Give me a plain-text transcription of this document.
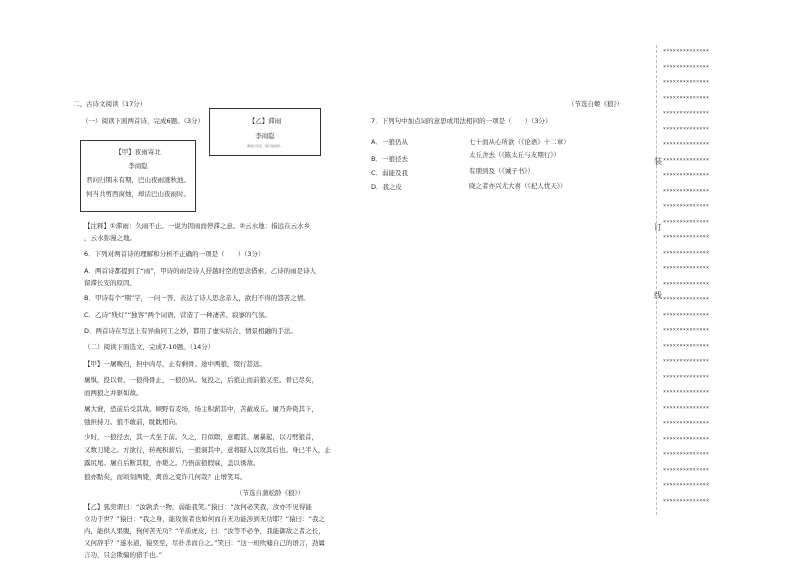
二、古诗文阅读（17分）	（节选自姬《狼》）
（一）阅读下面两首诗，完成6题。（3分）	【乙】滞雨
李商隐
滞雨长安夜，残灯独客愁。
【甲】夜雨寄北
李商隐
君问归期未有期，巴山夜雨涨秋池。
何当共剪西窗烛，却话巴山夜雨时。
【注释】①滞雨：久雨不止。一说为因雨而停滞之意。②云水地：指远在云水乡
，云水弥漫之地。
6．下列对两首诗的理解和分析不正确的一项是（　　）（3分）
A．两首诗都提到了“雨”，甲诗的雨是诗人抒越时空的思念借索，乙诗的雨是诗人
留滞长安的原因。
B．甲诗有个“期”字，一问一答，表达了诗人思念亲人，欲归不得的怨苦之情。
C．乙诗“残灯”“独客”两个词语，营造了一种凄苦、寂寥的气氛。
D．两首诗在写法上有异曲同工之妙，都用了虚实结合、情景相融的手法。
（二）阅读下面选文，完成7-10题。（14分）
【甲】一屠晚归，担中肉尽，止有剩骨。途中两狼，缀行甚远。
屠惧，投以骨。一狼得骨止，一狼仍从。复投之，后狼止而前狼又至。骨已尽矣，
而两狼之并驱如故。
屠大窘，恐前后受其敌。顾野有麦场，场主积薪其中，苫蔽成丘。屠乃奔倚其下，
弛担持刀。狼不敢前，眈眈相向。
少时，一狼径去，其一犬坐于前。久之，目似瞑，意暇甚。屠暴起，以刀劈狼首，
又数刀毙之。方欲行，转视积薪后，一狼洞其中，意将隧入以攻其后也。身已半入，止
露尻尾。屠自后断其股，亦毙之。乃悟前狼假寐，盖以诱敌。
狼亦黠矣，而顷刻两毙，禽兽之变诈几何哉？止增笑耳。
（节选自蒲松龄《狼》）
【乙】狐奕谓曰：“汝孰杀一物，弱能我笑。”猿曰：“汝何必笑我，汝亦不见得能
立功于世？”猿曰：“我之身，能攻彼者也如何而自无功能涉到无功耶？”猿曰：“我之
内，能供人果腹，狗何苦无功？”羊质虎皮，曰：“汝等不必争，我能御敌之者之长，
又何辞乎？”遂水道，猿奕至，尽扑杀而自之。”笑曰：“这一班吹嘘自己的语言，劲属
言功，只会欺骗的猎手也。”
7．下列句中加点词的意思或用法相同的一项是（　　）（3分）
A．一狼仍从	七十而从心所欲（《论语》十二章）
B．一狼径去	太丘舍去（《陈太丘与友期行》）
C．弱能及我	有朋到及（《诫子书》）
D．我之皮	晓之者亦兴尤大喜（《杞人忧天》）
装
订
线
××××××××××××××
××××××××××××××
××××××××××××××
××××××××××××××
××××××××××××××
××××××××××××××
××××××××××××××
××××××××××××××
××××××××××××××
××××××××××××××
××××××××××××××
××××××××××××××
××××××××××××××
××××××××××××××
××××××××××××××
××××××××××××××
××××××××××××××
××××××××××××××
××××××××××××××
××××××××××××××
××××××××××××××
××××××××××××××
××××××××××××××
××××××××××××××
××××××××××××××
××××××××××××××
××××××××××××××
××××××××××××××
××××××××××××××
××××××××××××××
